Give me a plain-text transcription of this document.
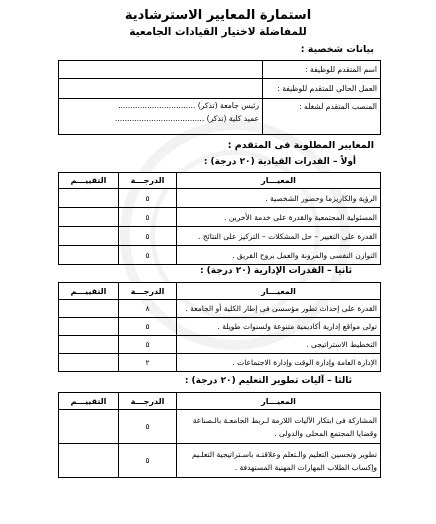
استمارة المعايير الاسترشادية
للمفاضلة لاختيار القيادات الجامعية
بيانات شخصية :
اسم المتقدم للوظيفة :	
العمل الحالى للمتقدم للوظيفة :	
المنصب المتقدم لشغله :	رئيس جامعة (تذكر) ................................
عميد كلية (تذكر) .....................................
المعايير المطلوبة فى المتقدم :
أولاً – القدرات القيادية (٢٠ درجة) :
المعيـــار	الدرجـــة	التقييـــم
الرؤية والكاريزما وحضور الشخصية .	٥	
المسئولية المجتمعية والقدرة على خدمة الأخرين .	٥	
القدرة على التغيير – حل المشكلات – التركيز على النتائج .	٥	
التوازن النفسى والمرونة والعمل بروح الفريق .	٥	
ثانيا – القدرات الإدارية (٢٠ درجة) :
المعيـــار	الدرجـــة	التقييـــم
القدرة على إحداث تطور مؤسسى فى إطار الكلية أو الجامعة .	٨	
تولى مواقع إدارية أكاديمية متنوعة ولسنوات طويلة .	٥	
التخطيط الاستراتيجى .	٥	
الإدارة العامة وإدارة الوقت وإدارة الاجتماعات .	٢	
ثالثا – آليات تطوير التعليم (٢٠ درجة) :
المعيـــار	الدرجـــة	التقييـــم

المشاركة فى ابتكار الآليات اللازمة لـربط الجامعـة بالـصناعة
وقضايا المجتمع المحلى والدولى .	٥	

تطوير وتحسين التعليم والـتعلم وعلاقتـه باسـتراتيجية التعلـيم
وإكساب الطلاب المهارات المهنية المستهدفة .	٥	
